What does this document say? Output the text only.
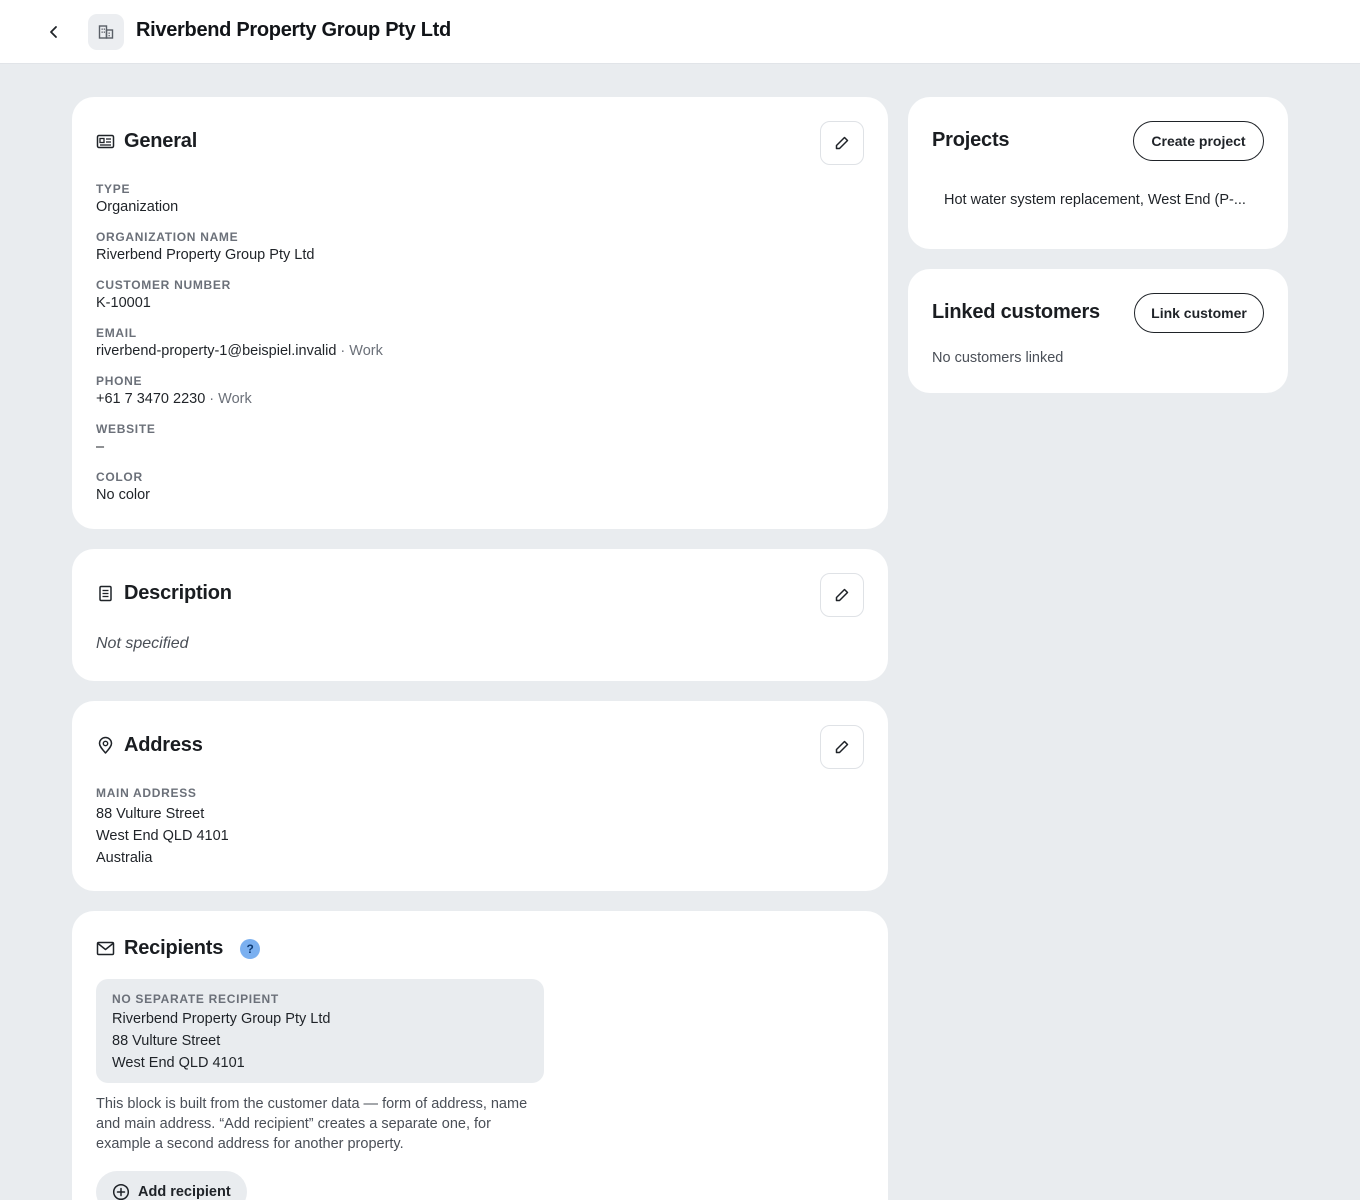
Riverbend Property Group Pty Ltd
General
TYPE
Organization
ORGANIZATION NAME
Riverbend Property Group Pty Ltd
CUSTOMER NUMBER
K-10001
EMAIL
riverbend-property-1@beispiel.invalid · Work
PHONE
+61 7 3470 2230 · Work
WEBSITE
–
COLOR
No color
Description
Not specified
Address
MAIN ADDRESS
88 Vulture Street
West End QLD 4101
Australia
Recipients	?
NO SEPARATE RECIPIENT
Riverbend Property Group Pty Ltd
88 Vulture Street
West End QLD 4101
This block is built from the customer data — form of address, name and main address. “Add recipient” creates a separate one, for example a second address for another property.
Add recipient
Projects	Create project
Hot water system replacement, West End (P-...
Linked customers	Link customer
No customers linked
